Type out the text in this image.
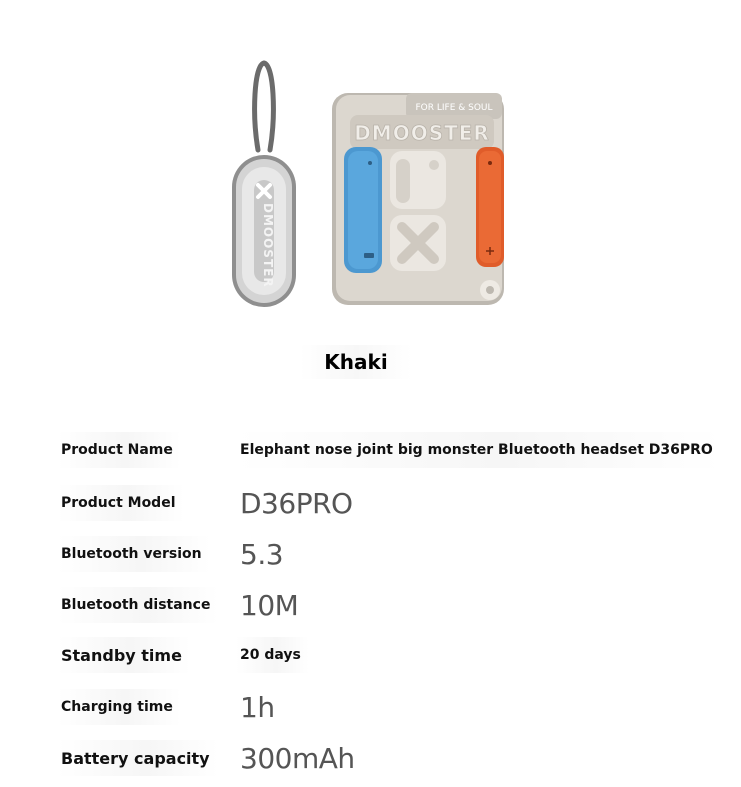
DMOOSTER
FOR LIFE & SOUL
DMOOSTER
Khaki
Product Name	Elephant nose joint big monster Bluetooth headset D36PRO
Product Model D36PRO
Bluetooth version 5.3
Bluetooth distance 10M
Standby time	20 days
Charging time 1h
Battery capacity 300mAh
